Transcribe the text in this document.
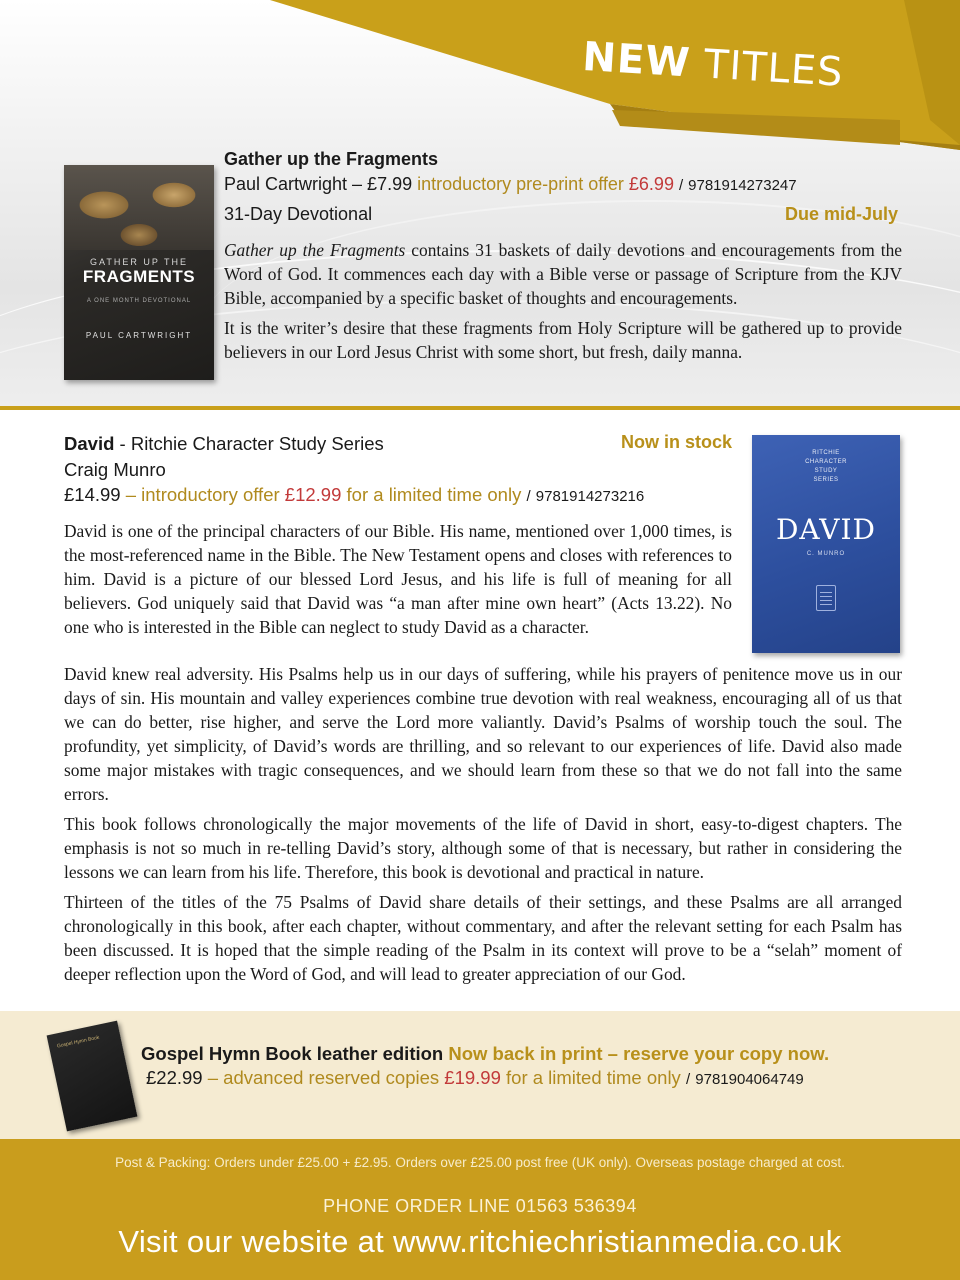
NEW TITLES
GATHER UP THE
FRAGMENTS
A ONE MONTH DEVOTIONAL
PAUL CARTWRIGHT
Gather up the Fragments
Paul Cartwright – £7.99 introductory pre-print offer £6.99 / 9781914273247
31-Day Devotional	Due mid-July

Gather up the Fragments contains 31 baskets of daily devotions and encouragements from the Word of God. It commences each day with a Bible verse or passage of Scripture from the KJV Bible, accompanied by a specific basket of thoughts and encouragements.

It is the writer’s desire that these fragments from Holy Scripture will be gathered up to provide believers in our Lord Jesus Christ with some short, but fresh, daily manna.

David - Ritchie Character Study Series	Now in stock
Craig Munro
£14.99 – introductory offer £12.99 for a limited time only / 9781914273216
RITCHIE
CHARACTER
STUDY
SERIES
DAVID
C. MUNRO

David is one of the principal characters of our Bible. His name, mentioned over 1,000 times, is the most-referenced name in the Bible. The New Testament opens and closes with references to him. David is a picture of our blessed Lord Jesus, and his life is full of meaning for all believers. God uniquely said that David was “a man after mine own heart” (Acts 13.22). No one who is interested in the Bible can neglect to study David as a character.

David knew real adversity. His Psalms help us in our days of suffering, while his prayers of penitence move us in our days of sin. His mountain and valley experiences combine true devotion with real weakness, encouraging all of us that we can do better, rise higher, and serve the Lord more valiantly. David’s Psalms of worship touch the soul. The profundity, yet simplicity, of David’s words are thrilling, and so relevant to our experiences of life. David also made some major mistakes with tragic consequences, and we should learn from these so that we do not fall into the same errors.

This book follows chronologically the major movements of the life of David in short, easy-to-digest chapters. The emphasis is not so much in re-telling David’s story, although some of that is necessary, but rather in considering the lessons we can learn from his life. Therefore, this book is devotional and practical in nature.

Thirteen of the titles of the 75 Psalms of David share details of their settings, and these Psalms are all arranged chronologically in this book, after each chapter, without commentary, and after the relevant setting for each Psalm has been discussed. It is hoped that the simple reading of the Psalm in its context will prove to be a “selah” moment of deeper reflection upon the Word of God, and will lead to greater appreciation of our God.

Gospel Hymn Book
Gospel Hymn Book leather edition Now back in print – reserve your copy now.
£22.99 – advanced reserved copies £19.99 for a limited time only / 9781904064749
Post & Packing: Orders under £25.00 + £2.95. Orders over £25.00 post free (UK only). Overseas postage charged at cost.
PHONE ORDER LINE 01563 536394
Visit our website at www.ritchiechristianmedia.co.uk
